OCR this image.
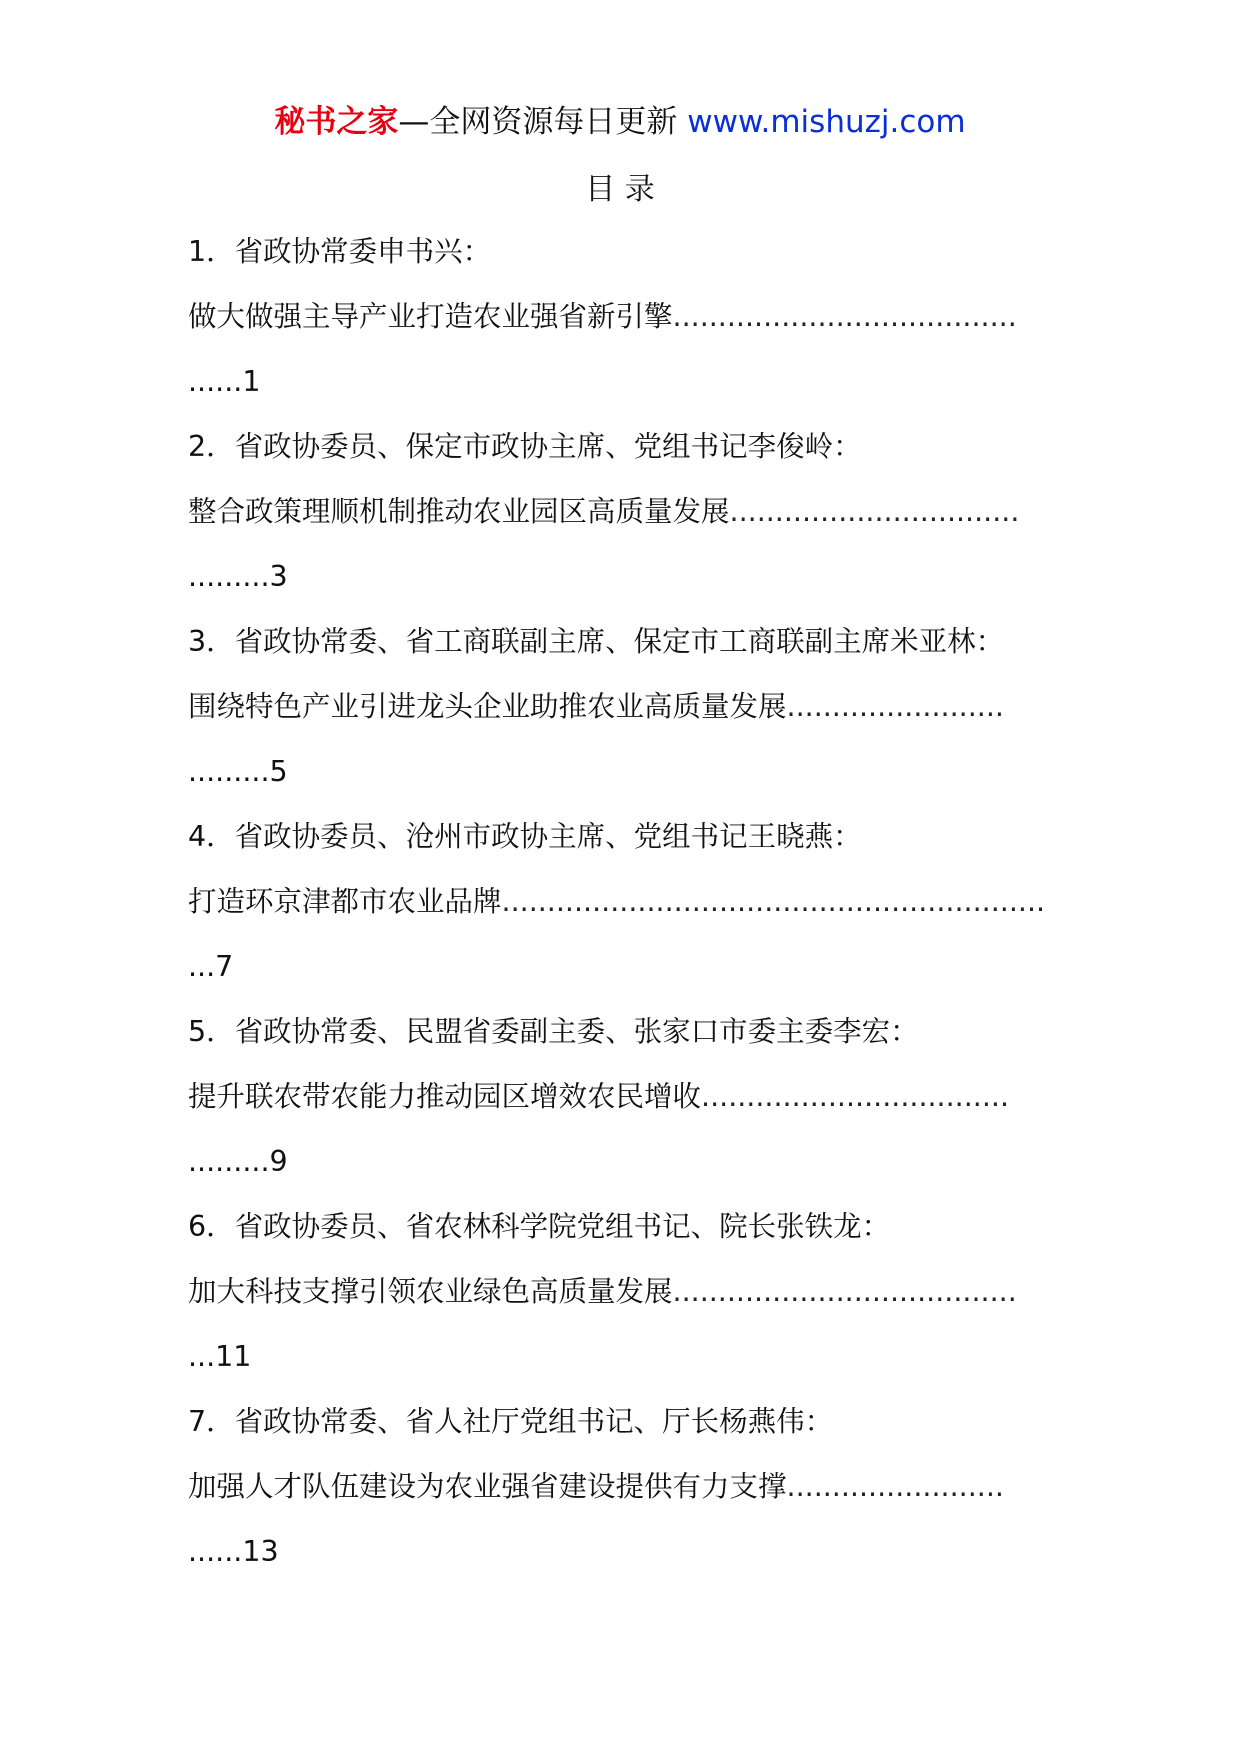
秘书之家—全网资源每日更新 www.mishuzj.com
目 录
1．省政协常委申书兴：
做大做强主导产业打造农业强省新引擎......................................
......1
2．省政协委员、保定市政协主席、党组书记李俊岭：
整合政策理顺机制推动农业园区高质量发展................................
.........3
3．省政协常委、省工商联副主席、保定市工商联副主席米亚林：
围绕特色产业引进龙头企业助推农业高质量发展........................
.........5
4．省政协委员、沧州市政协主席、党组书记王晓燕：
打造环京津都市农业品牌............................................................
...7
5．省政协常委、民盟省委副主委、张家口市委主委李宏：
提升联农带农能力推动园区增效农民增收..................................
.........9
6．省政协委员、省农林科学院党组书记、院长张铁龙：
加大科技支撑引领农业绿色高质量发展......................................
...11
7．省政协常委、省人社厅党组书记、厅长杨燕伟：
加强人才队伍建设为农业强省建设提供有力支撑........................
......13
